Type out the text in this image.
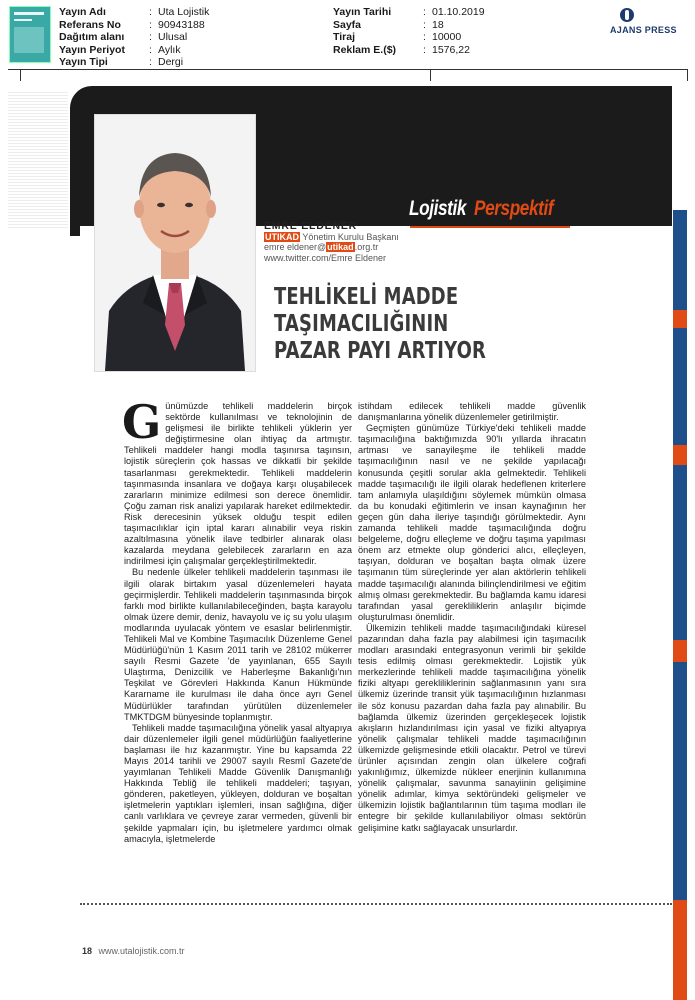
Yayın Adı	: Uta Lojistik
Referans No	: 90943188
Dağıtım alanı	: Ulusal
Yayın Periyot	: Aylık
Yayın Tipi	: Dergi
Yayın Tarihi	: 01.10.2019
Sayfa	: 18
Tiraj	: 10000
Reklam E.($)	: 1576,22
AJANS PRESS
Lojistik Perspektif
EMRE ELDENER
UTIKAD Yönetim Kurulu Başkanı
emre eldener@utikad.org.tr
www.twitter.com/Emre Eldener
TEHLİKELİ MADDE
TAŞIMACILIĞININ
PAZAR PAYI ARTIYOR

Günümüzde tehlikeli maddelerin birçok sektörde kullanılması ve teknolojinin de gelişmesi ile birlikte tehlikeli yüklerin yer değiştirmesine olan ihtiyaç da artmıştır. Tehlikeli maddeler hangi modla taşınırsa taşınsın, lojistik süreçlerin çok hassas ve dikkatli bir şekilde tasarlanması gerekmektedir. Tehlikeli maddelerin taşınmasında insanlara ve doğaya karşı oluşabilecek zararların minimize edilmesi son derece önemlidir. Çoğu zaman risk analizi yapılarak hareket edilmektedir. Risk derecesinin yüksek olduğu tespit edilen taşımacılıklar için iptal kararı alınabilir veya riskin azaltılmasına yönelik ilave tedbirler alınarak olası kazalarda meydana gelebilecek zararların en aza indirilmesi için çalışmalar gerçekleştirilmektedir.

Bu nedenle ülkeler tehlikeli maddelerin taşınması ile ilgili olarak birtakım yasal düzenlemeleri hayata geçirmişlerdir. Tehlikeli maddelerin taşınmasında birçok farklı mod birlikte kullanılabileceğinden, başta karayolu olmak üzere demir, deniz, havayolu ve iç su yolu ulaşım modlarında uyulacak yöntem ve esaslar belirlenmiştir. Tehlikeli Mal ve Kombine Taşımacılık Düzenleme Genel Müdürlüğü'nün 1 Kasım 2011 tarih ve 28102 mükerrer sayılı Resmi Gazete 'de yayınlanan, 655 Sayılı Ulaştırma, Denizcilik ve Haberleşme Bakanlığı'nın Teşkilat ve Görevleri Hakkında Kanun Hükmünde Kararname ile kurulması ile daha önce ayrı Genel Müdürlükler tarafından yürütülen düzenlemeler TMKTDGM bünyesinde toplanmıştır.

Tehlikeli madde taşımacılığına yönelik yasal altyapıya dair düzenlemeler ilgili genel müdürlüğün faaliyetlerine başlaması ile hız kazanmıştır. Yine bu kapsamda 22 Mayıs 2014 tarihli ve 29007 sayılı Resmî Gazete'de yayımlanan Tehlikeli Madde Güvenlik Danışmanlığı Hakkında Tebliğ ile tehlikeli maddeleri; taşıyan, gönderen, paketleyen, yükleyen, dolduran ve boşaltan işletmelerin yaptıkları işlemleri, insan sağlığına, diğer canlı varlıklara ve çevreye zarar vermeden, güvenli bir şekilde yapmaları için, bu işletmelere yardımcı olmak amacıyla, işletmelerde

istihdam edilecek tehlikeli madde güvenlik danışmanlarına yönelik düzenlemeler getirilmiştir.

Geçmişten günümüze Türkiye'deki tehlikeli madde taşımacılığına baktığımızda 90'lı yıllarda ihracatın artması ve sanayileşme ile tehlikeli madde taşımacılığının nasıl ve ne şekilde yapılacağı konusunda çeşitli sorular akla gelmektedir. Tehlikeli madde taşımacılığı ile ilgili olarak hedeflenen kriterlere tam anlamıyla ulaşıldığını söylemek mümkün olmasa da bu konudaki eğitimlerin ve insan kaynağının her geçen gün daha ileriye taşındığı görülmektedir. Aynı zamanda tehlikeli madde taşımacılığında doğru belgeleme, doğru elleçleme ve doğru taşıma yapılması önem arz etmekte olup gönderici alıcı, elleçleyen, taşıyan, dolduran ve boşaltan başta olmak üzere taşımanın tüm süreçlerinde yer alan aktörlerin tehlikeli madde taşımacılığı alanında bilinçlendirilmesi ve eğitim almış olması gerekmektedir. Bu bağlamda kamu idaresi tarafından yasal gerekliliklerin anlaşılır biçimde oluşturulması önemlidir.

Ülkemizin tehlikeli madde taşımacılığındaki küresel pazarından daha fazla pay alabilmesi için taşımacılık modları arasındaki entegrasyonun verimli bir şekilde tesis edilmiş olması gerekmektedir. Lojistik yük merkezlerinde tehlikeli madde taşımacılığına yönelik fiziki altyapı gerekliliklerinin sağlanmasının yanı sıra ülkemiz üzerinde transit yük taşımacılığının hızlanması ile söz konusu pazardan daha fazla pay alınabilir. Bu bağlamda ülkemiz üzerinden gerçekleşecek lojistik akışların hızlandırılması için yasal ve fiziki altyapıya yönelik çalışmalar tehlikeli madde taşımacılığının ülkemizde gelişmesinde etkili olacaktır. Petrol ve türevi ürünler açısından zengin olan ülkelere coğrafi yakınlığımız, ülkemizde nükleer enerjinin kullanımına yönelik çalışmalar, savunma sanayiinin gelişimine yönelik adımlar, kimya sektöründeki gelişmeler ve ülkemizin lojistik bağlantılarının tüm taşıma modları ile entegre bir şekilde kullanılabiliyor olması sektörün gelişimine katkı sağlayacak unsurlardır.

18 www.utalojistik.com.tr
